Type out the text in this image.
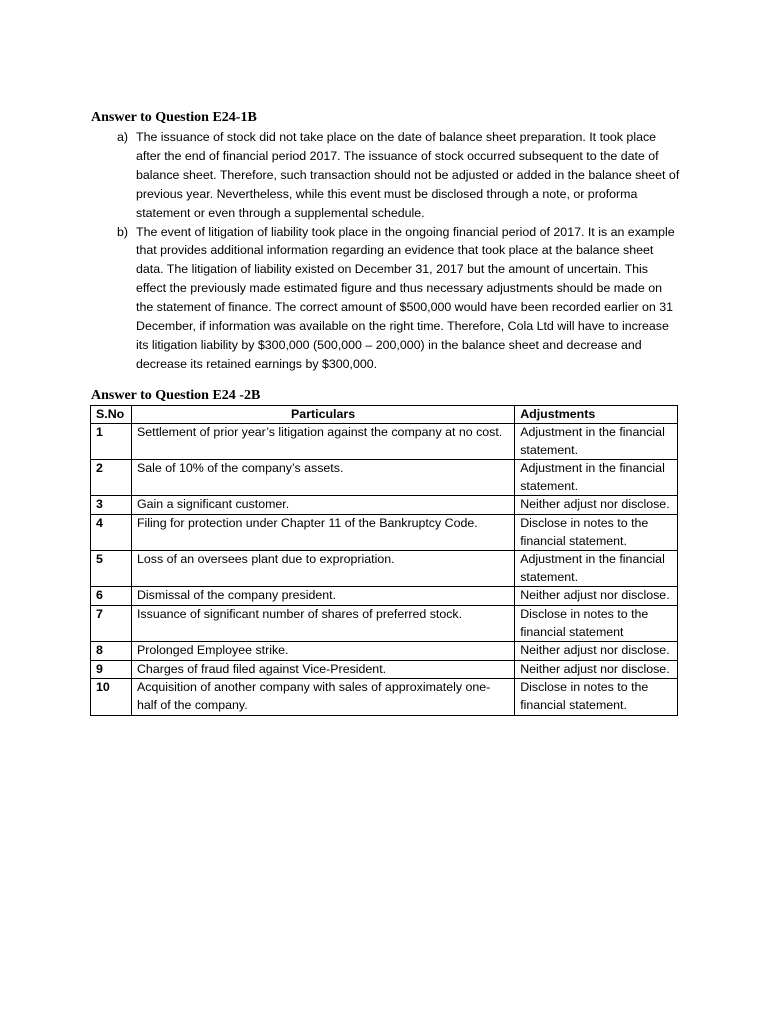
Answer to Question E24-1B
a) The issuance of stock did not take place on the date of balance sheet preparation. It took place after the end of financial period 2017. The issuance of stock occurred subsequent to the date of balance sheet. Therefore, such transaction should not be adjusted or added in the balance sheet of previous year. Nevertheless, while this event must be disclosed through a note, or proforma statement or even through a supplemental schedule.
b) The event of litigation of liability took place in the ongoing financial period of 2017. It is an example that provides additional information regarding an evidence that took place at the balance sheet data. The litigation of liability existed on December 31, 2017 but the amount of uncertain. This effect the previously made estimated figure and thus necessary adjustments should be made on the statement of finance. The correct amount of $500,000 would have been recorded earlier on 31 December, if information was available on the right time. Therefore, Cola Ltd will have to increase its litigation liability by $300,000 (500,000 – 200,000) in the balance sheet and decrease and decrease its retained earnings by $300,000.
Answer to Question E24 -2B
S.No	Particulars	Adjustments
1	Settlement of prior year’s litigation against the company at no cost.	Adjustment in the financial statement.
2	Sale of 10% of the company’s assets.	Adjustment in the financial statement.
3	Gain a significant customer.	Neither adjust nor disclose.
4	Filing for protection under Chapter 11 of the Bankruptcy Code.	Disclose in notes to the financial statement.
5	Loss of an oversees plant due to expropriation.	Adjustment in the financial statement.
6	Dismissal of the company president.	Neither adjust nor disclose.
7	Issuance of significant number of shares of preferred stock.	Disclose in notes to the financial statement
8	Prolonged Employee strike.	Neither adjust nor disclose.
9	Charges of fraud filed against Vice-President.	Neither adjust nor disclose.
10	Acquisition of another company with sales of approximately one-half of the company.	Disclose in notes to the financial statement.
